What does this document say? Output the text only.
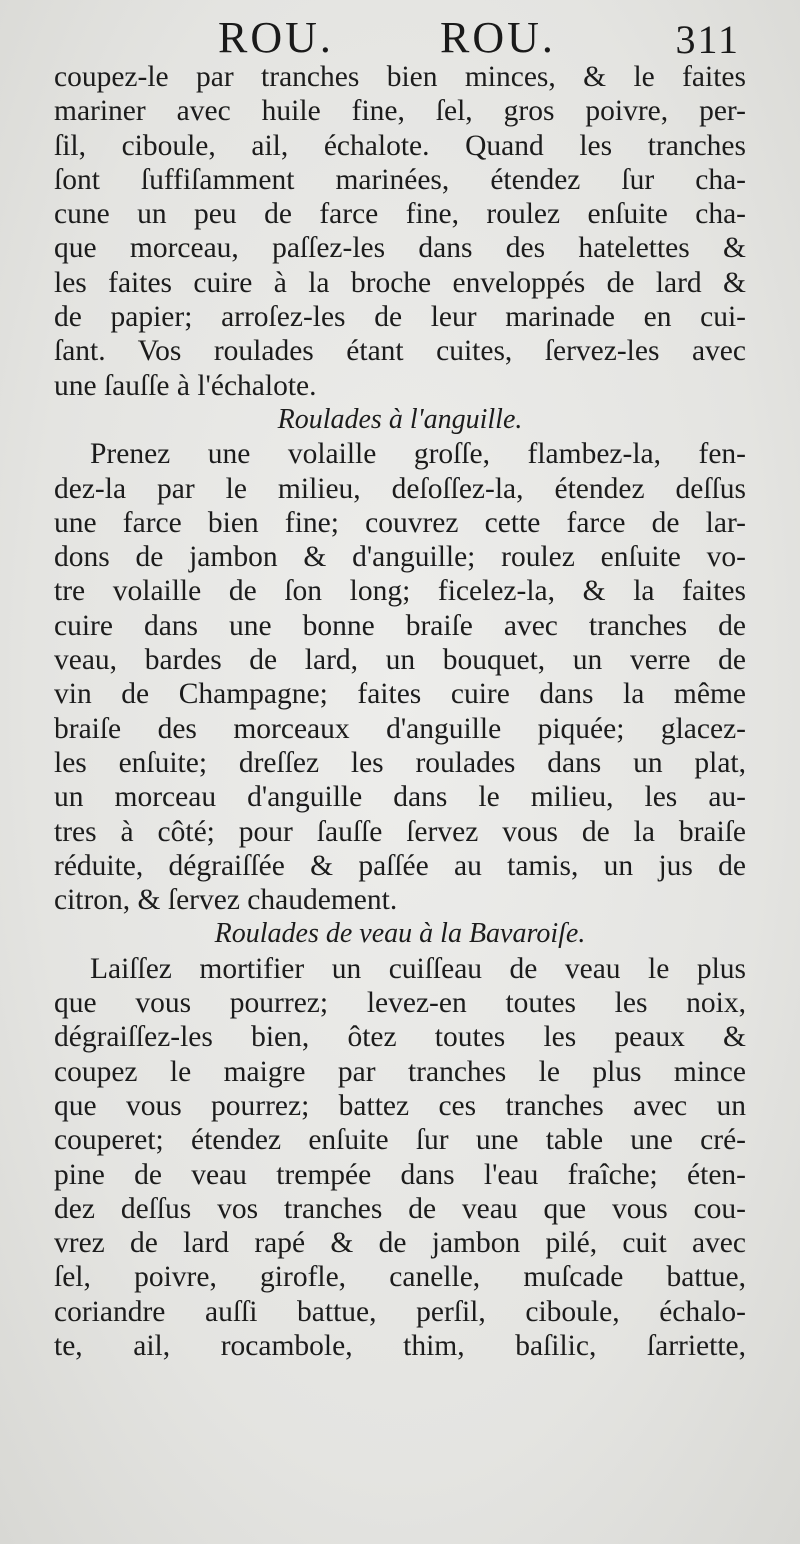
ROU. ROU.	311
coupez-le par tranches bien minces, & le faites
mariner avec huile fine, ſel, gros poivre, per-
ſil, ciboule, ail, échalote. Quand les tranches
ſont ſuffiſamment marinées, étendez ſur cha-
cune un peu de farce fine, roulez enſuite cha-
que morceau, paſſez-les dans des hatelettes &
les faites cuire à la broche enveloppés de lard &
de papier; arroſez-les de leur marinade en cui-
ſant. Vos roulades étant cuites, ſervez-les avec
une ſauſſe à l'échalote.
Roulades à l'anguille.
Prenez une volaille groſſe, flambez-la, fen-
dez-la par le milieu, deſoſſez-la, étendez deſſus
une farce bien fine; couvrez cette farce de lar-
dons de jambon & d'anguille; roulez enſuite vo-
tre volaille de ſon long; ficelez-la, & la faites
cuire dans une bonne braiſe avec tranches de
veau, bardes de lard, un bouquet, un verre de
vin de Champagne; faites cuire dans la même
braiſe des morceaux d'anguille piquée; glacez-
les enſuite; dreſſez les roulades dans un plat,
un morceau d'anguille dans le milieu, les au-
tres à côté; pour ſauſſe ſervez vous de la braiſe
réduite, dégraiſſée & paſſée au tamis, un jus de
citron, & ſervez chaudement.
Roulades de veau à la Bavaroiſe.
Laiſſez mortifier un cuiſſeau de veau le plus
que vous pourrez; levez-en toutes les noix,
dégraiſſez-les bien, ôtez toutes les peaux &
coupez le maigre par tranches le plus mince
que vous pourrez; battez ces tranches avec un
couperet; étendez enſuite ſur une table une cré-
pine de veau trempée dans l'eau fraîche; éten-
dez deſſus vos tranches de veau que vous cou-
vrez de lard rapé & de jambon pilé, cuit avec
ſel, poivre, girofle, canelle, muſcade battue,
coriandre auſſi battue, perſil, ciboule, échalo-
te, ail, rocambole, thim, baſilic, ſarriette,
